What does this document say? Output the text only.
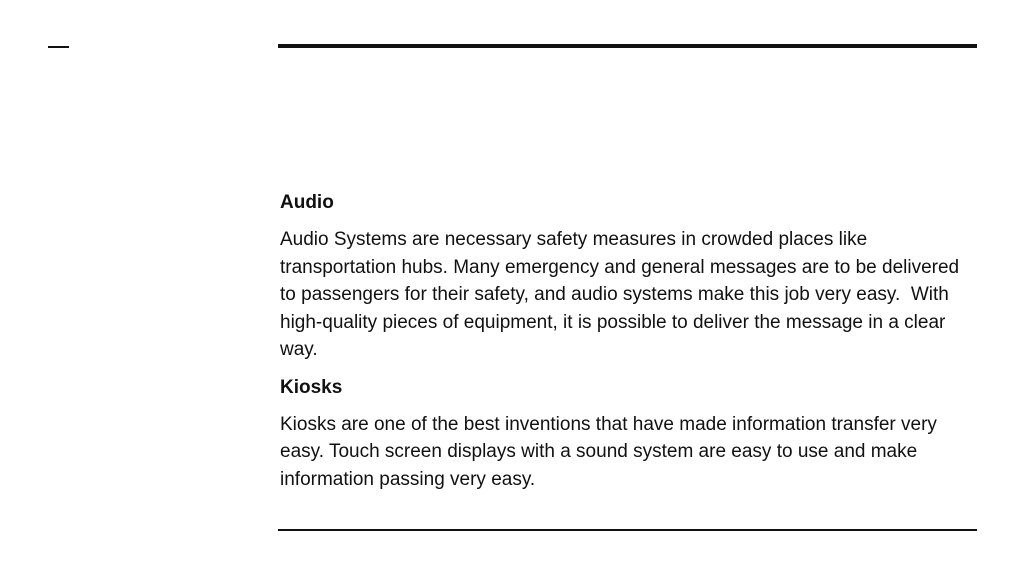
Audio
Audio Systems are necessary safety measures in crowded places like transportation hubs. Many emergency and general messages are to be delivered to passengers for their safety, and audio systems make this job very easy.  With high-quality pieces of equipment, it is possible to deliver the message in a clear way.
Kiosks
Kiosks are one of the best inventions that have made information transfer very easy. Touch screen displays with a sound system are easy to use and make information passing very easy.
